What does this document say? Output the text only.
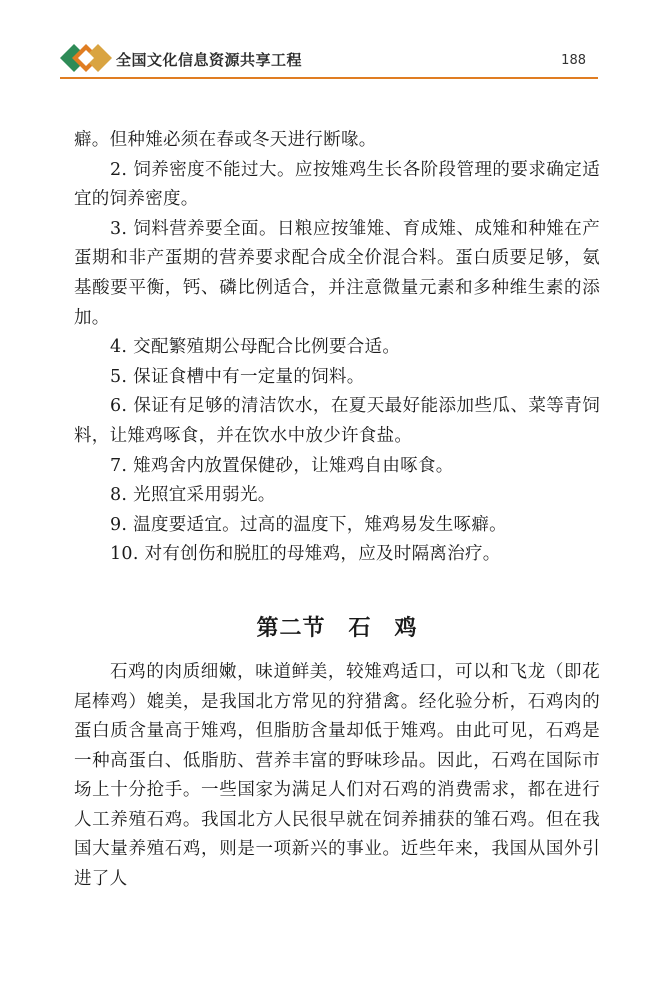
全国文化信息资源共享工程	188

癖。但种雉必须在春或冬天进行断喙。

2. 饲养密度不能过大。应按雉鸡生长各阶段管理的要求确定适宜的饲养密度。

3. 饲料营养要全面。日粮应按雏雉、育成雉、成雉和种雉在产蛋期和非产蛋期的营养要求配合成全价混合料。蛋白质要足够，氨基酸要平衡，钙、磷比例适合，并注意微量元素和多种维生素的添加。

4. 交配繁殖期公母配合比例要合适。

5. 保证食槽中有一定量的饲料。

6. 保证有足够的清洁饮水，在夏天最好能添加些瓜、菜等青饲料，让雉鸡啄食，并在饮水中放少许食盐。

7. 雉鸡舍内放置保健砂，让雉鸡自由啄食。

8. 光照宜采用弱光。

9. 温度要适宜。过高的温度下，雉鸡易发生啄癖。

10. 对有创伤和脱肛的母雉鸡，应及时隔离治疗。

第二节　石　鸡

石鸡的肉质细嫩，味道鲜美，较雉鸡适口，可以和飞龙（即花尾棒鸡）媲美，是我国北方常见的狩猎禽。经化验分析，石鸡肉的蛋白质含量高于雉鸡，但脂肪含量却低于雉鸡。由此可见，石鸡是一种高蛋白、低脂肪、营养丰富的野味珍品。因此，石鸡在国际市场上十分抢手。一些国家为满足人们对石鸡的消费需求，都在进行人工养殖石鸡。我国北方人民很早就在饲养捕获的雏石鸡。但在我国大量养殖石鸡，则是一项新兴的事业。近些年来，我国从国外引进了人
